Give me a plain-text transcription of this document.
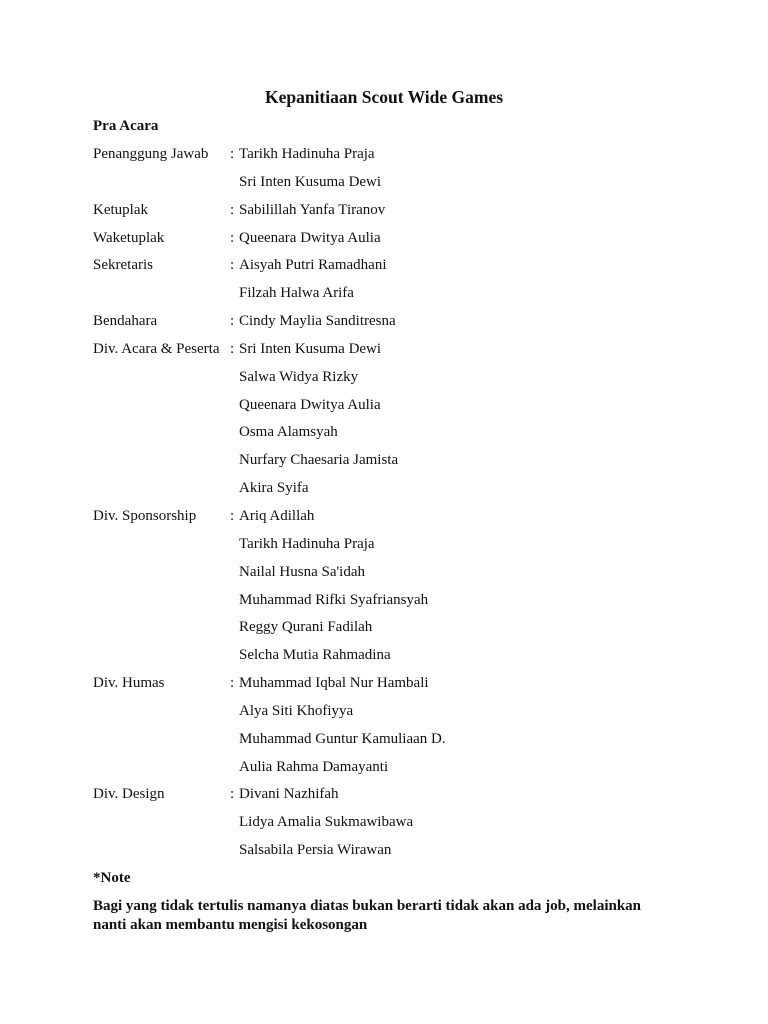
Kepanitiaan Scout Wide Games
Pra Acara
Penanggung Jawab : Tarikh Hadinuha Praja
Sri Inten Kusuma Dewi
Ketuplak	: Sabilillah Yanfa Tiranov
Waketuplak	: Queenara Dwitya Aulia
Sekretaris	: Aisyah Putri Ramadhani
Filzah Halwa Arifa
Bendahara	: Cindy Maylia Sanditresna
Div. Acara & Peserta : Sri Inten Kusuma Dewi
Salwa Widya Rizky
Queenara Dwitya Aulia
Osma Alamsyah
Nurfary Chaesaria Jamista
Akira Syifa
Div. Sponsorship : Ariq Adillah
Tarikh Hadinuha Praja
Nailal Husna Sa'idah
Muhammad Rifki Syafriansyah
Reggy Qurani Fadilah
Selcha Mutia Rahmadina
Div. Humas	: Muhammad Iqbal Nur Hambali
Alya Siti Khofiyya
Muhammad Guntur Kamuliaan D.
Aulia Rahma Damayanti
Div. Design	: Divani Nazhifah
Lidya Amalia Sukmawibawa
Salsabila Persia Wirawan
*Note
Bagi yang tidak tertulis namanya diatas bukan berarti tidak akan ada job, melainkan
nanti akan membantu mengisi kekosongan
